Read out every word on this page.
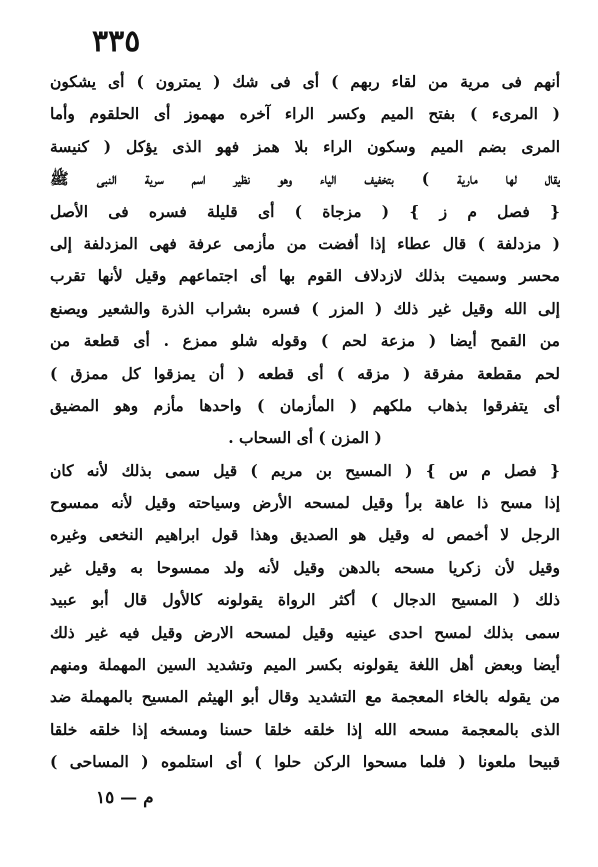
٣٣٥
أنهم فى مرية من لقاء ربهم ) أى فى شك ( يمترون ) أى يشكون
( المرىء ) بفتح الميم وكسر الراء آخره مهموز أى الحلقوم وأما
المرى بضم الميم وسكون الراء بلا همز فهو الذى يؤكل ( كنيسة
يقال لها مارية ) بتخفيف الياء وهو نظير اسم سرية النبى ﷺ
{ فصل م ز } ( مزجاة ) أى قليلة فسره فى الأصل
( مزدلفة ) قال عطاء إذا أفضت من مأزمى عرفة فهى المزدلفة إلى
محسر وسميت بذلك لازدلاف القوم بها أى اجتماعهم وقيل لأنها تقرب
إلى الله وقيل غير ذلك ( المزر ) فسره بشراب الذرة والشعير ويصنع
من القمح أيضا ( مزعة لحم ) وقوله شلو ممزع . أى قطعة من
لحم مقطعة مفرقة ( مزقه ) أى قطعه ( أن يمزقوا كل ممزق )
أى يتفرقوا بذهاب ملكهم ( المأزمان ) واحدها مأزم وهو المضيق
( المزن ) أى السحاب .
{ فصل م س } ( المسيح بن مريم ) قيل سمى بذلك لأنه كان
إذا مسح ذا عاهة برأ وقيل لمسحه الأرض وسياحته وقيل لأنه ممسوح
الرجل لا أخمص له وقيل هو الصديق وهذا قول ابراهيم النخعى وغيره
وقيل لأن زكريا مسحه بالدهن وقيل لأنه ولد ممسوحا به وقيل غير
ذلك ( المسيح الدجال ) أكثر الرواة يقولونه كالأول قال أبو عبيد
سمى بذلك لمسح احدى عينيه وقيل لمسحه الارض وقيل فيه غير ذلك
أيضا وبعض أهل اللغة يقولونه بكسر الميم وتشديد السين المهملة ومنهم
من يقوله بالخاء المعجمة مع التشديد وقال أبو الهيثم المسيح بالمهملة ضد
الذى بالمعجمة مسحه الله إذا خلقه خلقا حسنا ومسخه إذا خلقه خلقا
قبيحا ملعونا ( فلما مسحوا الركن حلوا ) أى استلموه ( المساحى )
م — ١٥
